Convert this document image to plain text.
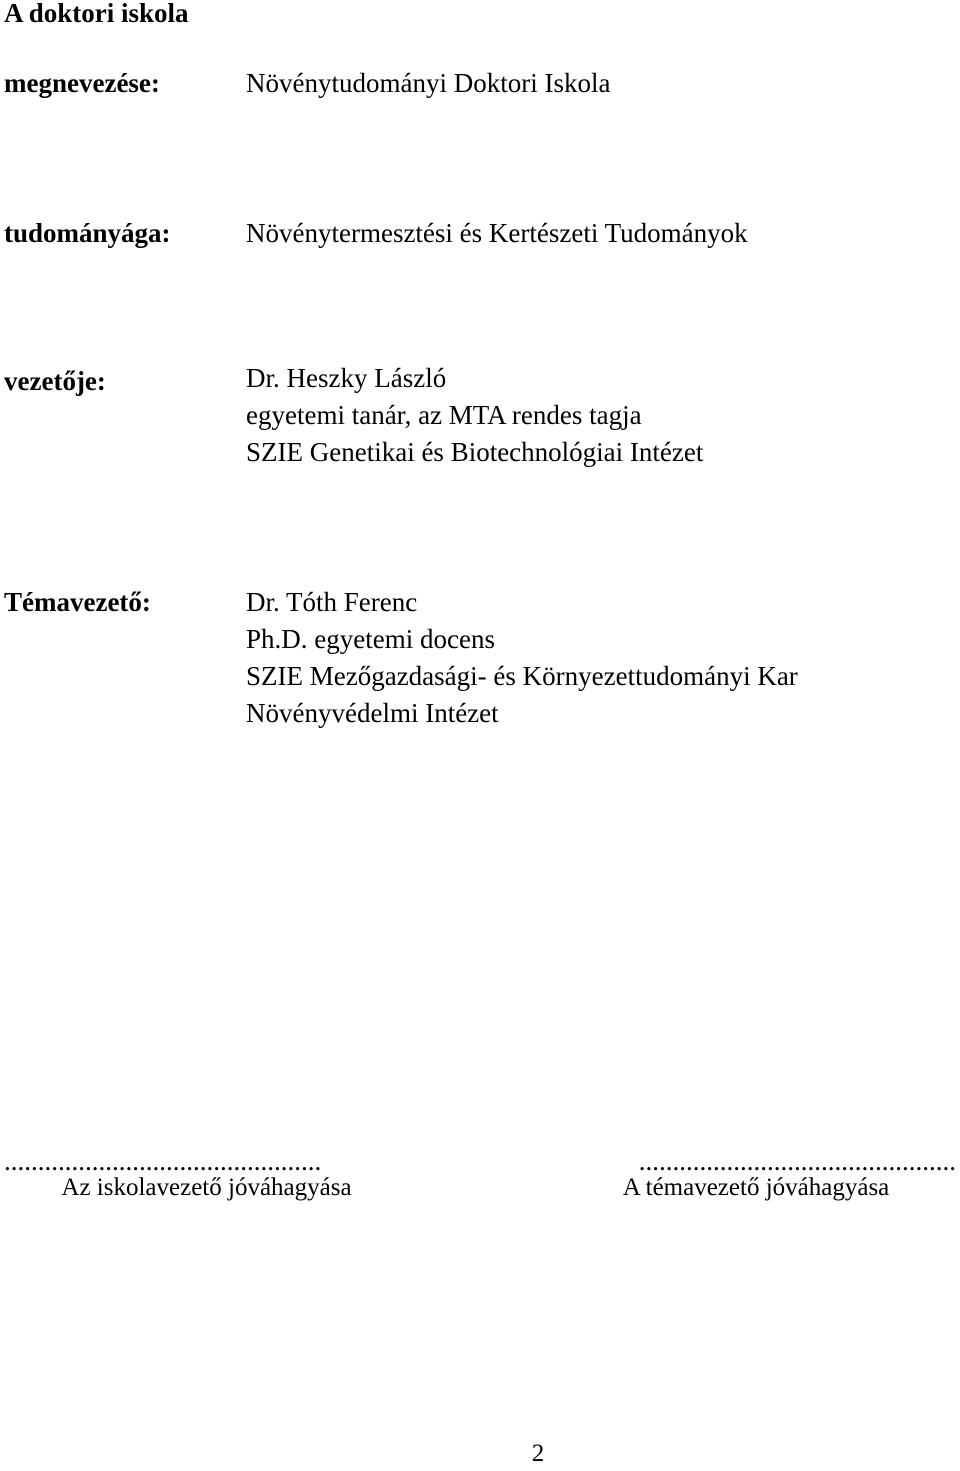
A doktori iskola
megnevezése:	Növénytudományi Doktori Iskola
tudományága:	Növénytermesztési és Kertészeti Tudományok
vezetője:	Dr. Heszky László
egyetemi tanár, az MTA rendes tagja
SZIE Genetikai és Biotechnológiai Intézet
Témavezető:	Dr. Tóth Ferenc
Ph.D. egyetemi docens
SZIE Mezőgazdasági- és Környezettudományi Kar
Növényvédelmi Intézet
...............................................
Az iskolavezető jóváhagyása
...............................................
A témavezető jóváhagyása
2
